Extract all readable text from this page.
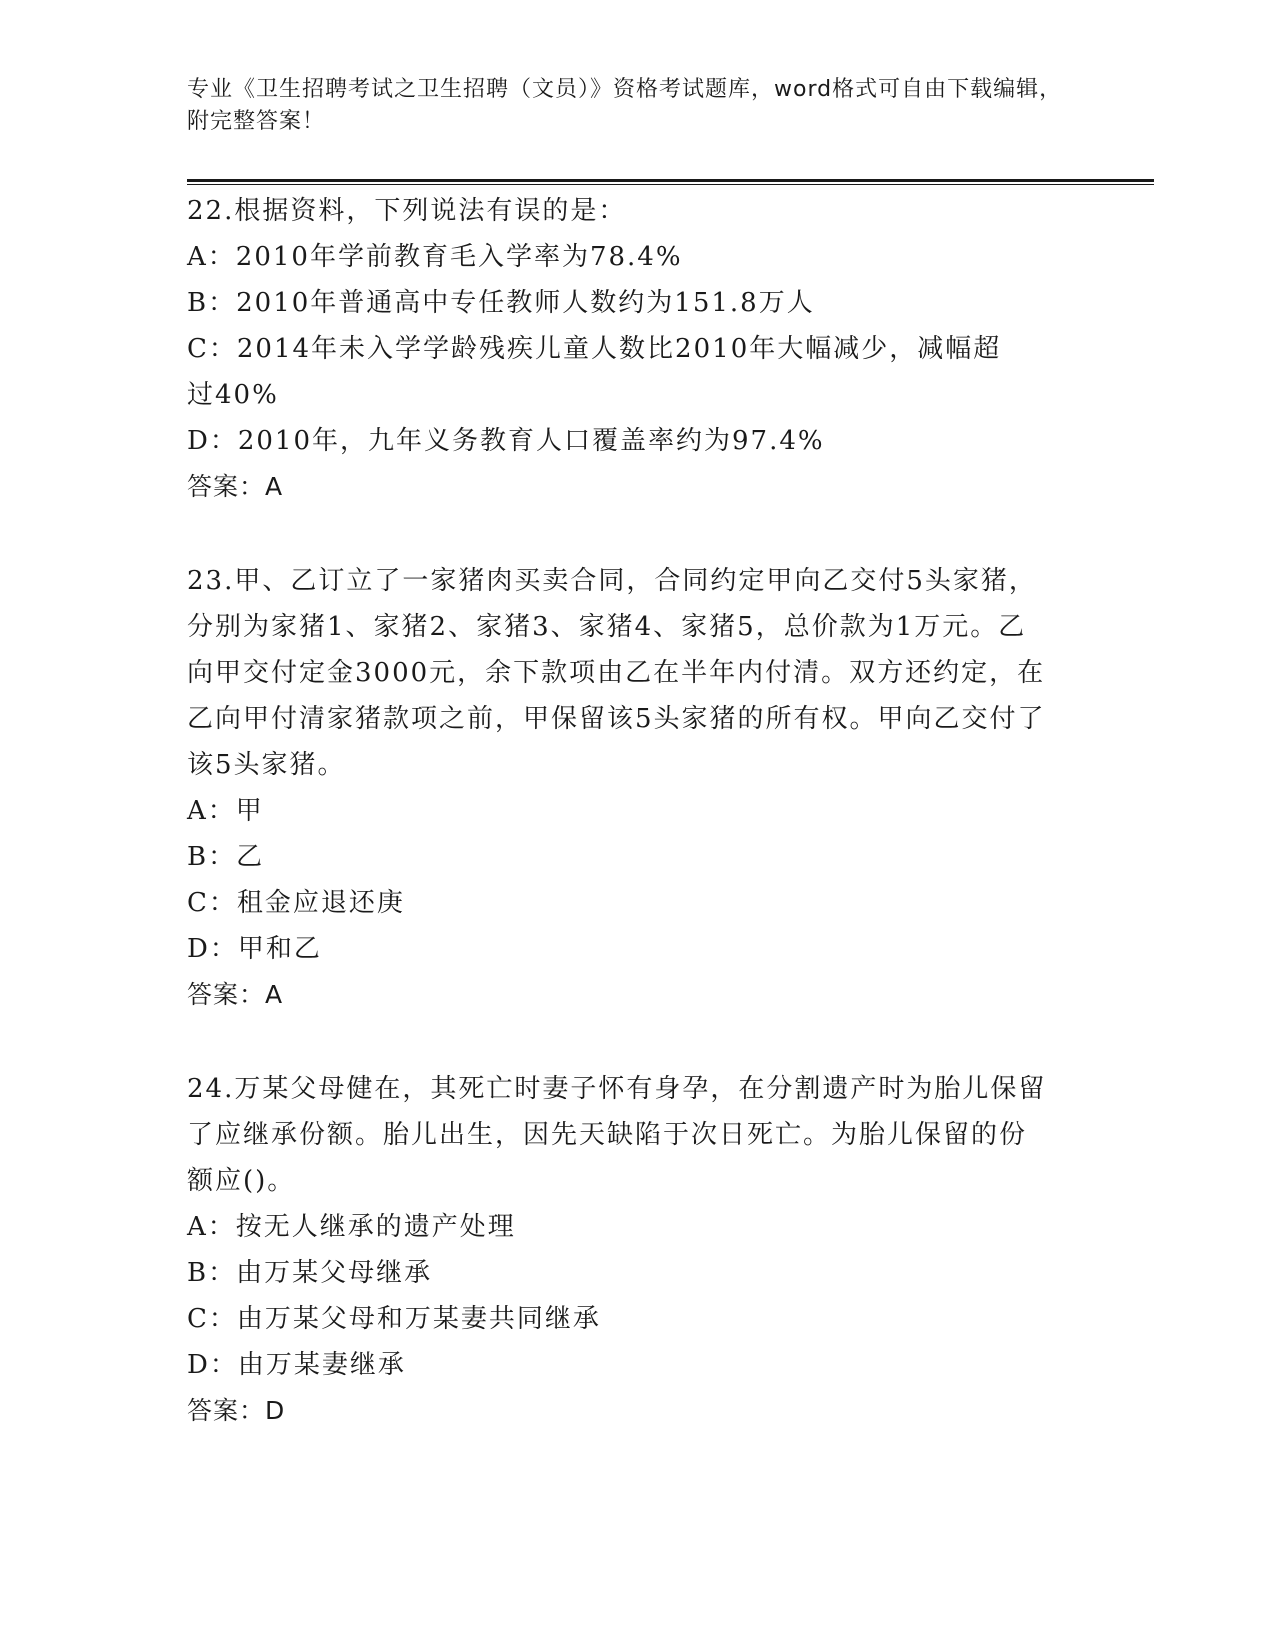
专业《卫生招聘考试之卫生招聘（文员）》资格考试题库，word格式可自由下载编辑，附完整答案！

22.根据资料，下列说法有误的是：

A：2010年学前教育毛入学率为78.4%

B：2010年普通高中专任教师人数约为151.8万人

C：2014年未入学学龄残疾儿童人数比2010年大幅减少，减幅超过40%

D：2010年，九年义务教育人口覆盖率约为97.4%

答案：A

23.甲、乙订立了一家猪肉买卖合同，合同约定甲向乙交付5头家猪，分别为家猪1、家猪2、家猪3、家猪4、家猪5，总价款为1万元。乙向甲交付定金3000元，余下款项由乙在半年内付清。双方还约定，在乙向甲付清家猪款项之前，甲保留该5头家猪的所有权。甲向乙交付了该5头家猪。

A：甲

B：乙

C：租金应退还庚

D：甲和乙

答案：A

24.万某父母健在，其死亡时妻子怀有身孕，在分割遗产时为胎儿保留了应继承份额。胎儿出生，因先天缺陷于次日死亡。为胎儿保留的份额应()。

A：按无人继承的遗产处理

B：由万某父母继承

C：由万某父母和万某妻共同继承

D：由万某妻继承

答案：D
